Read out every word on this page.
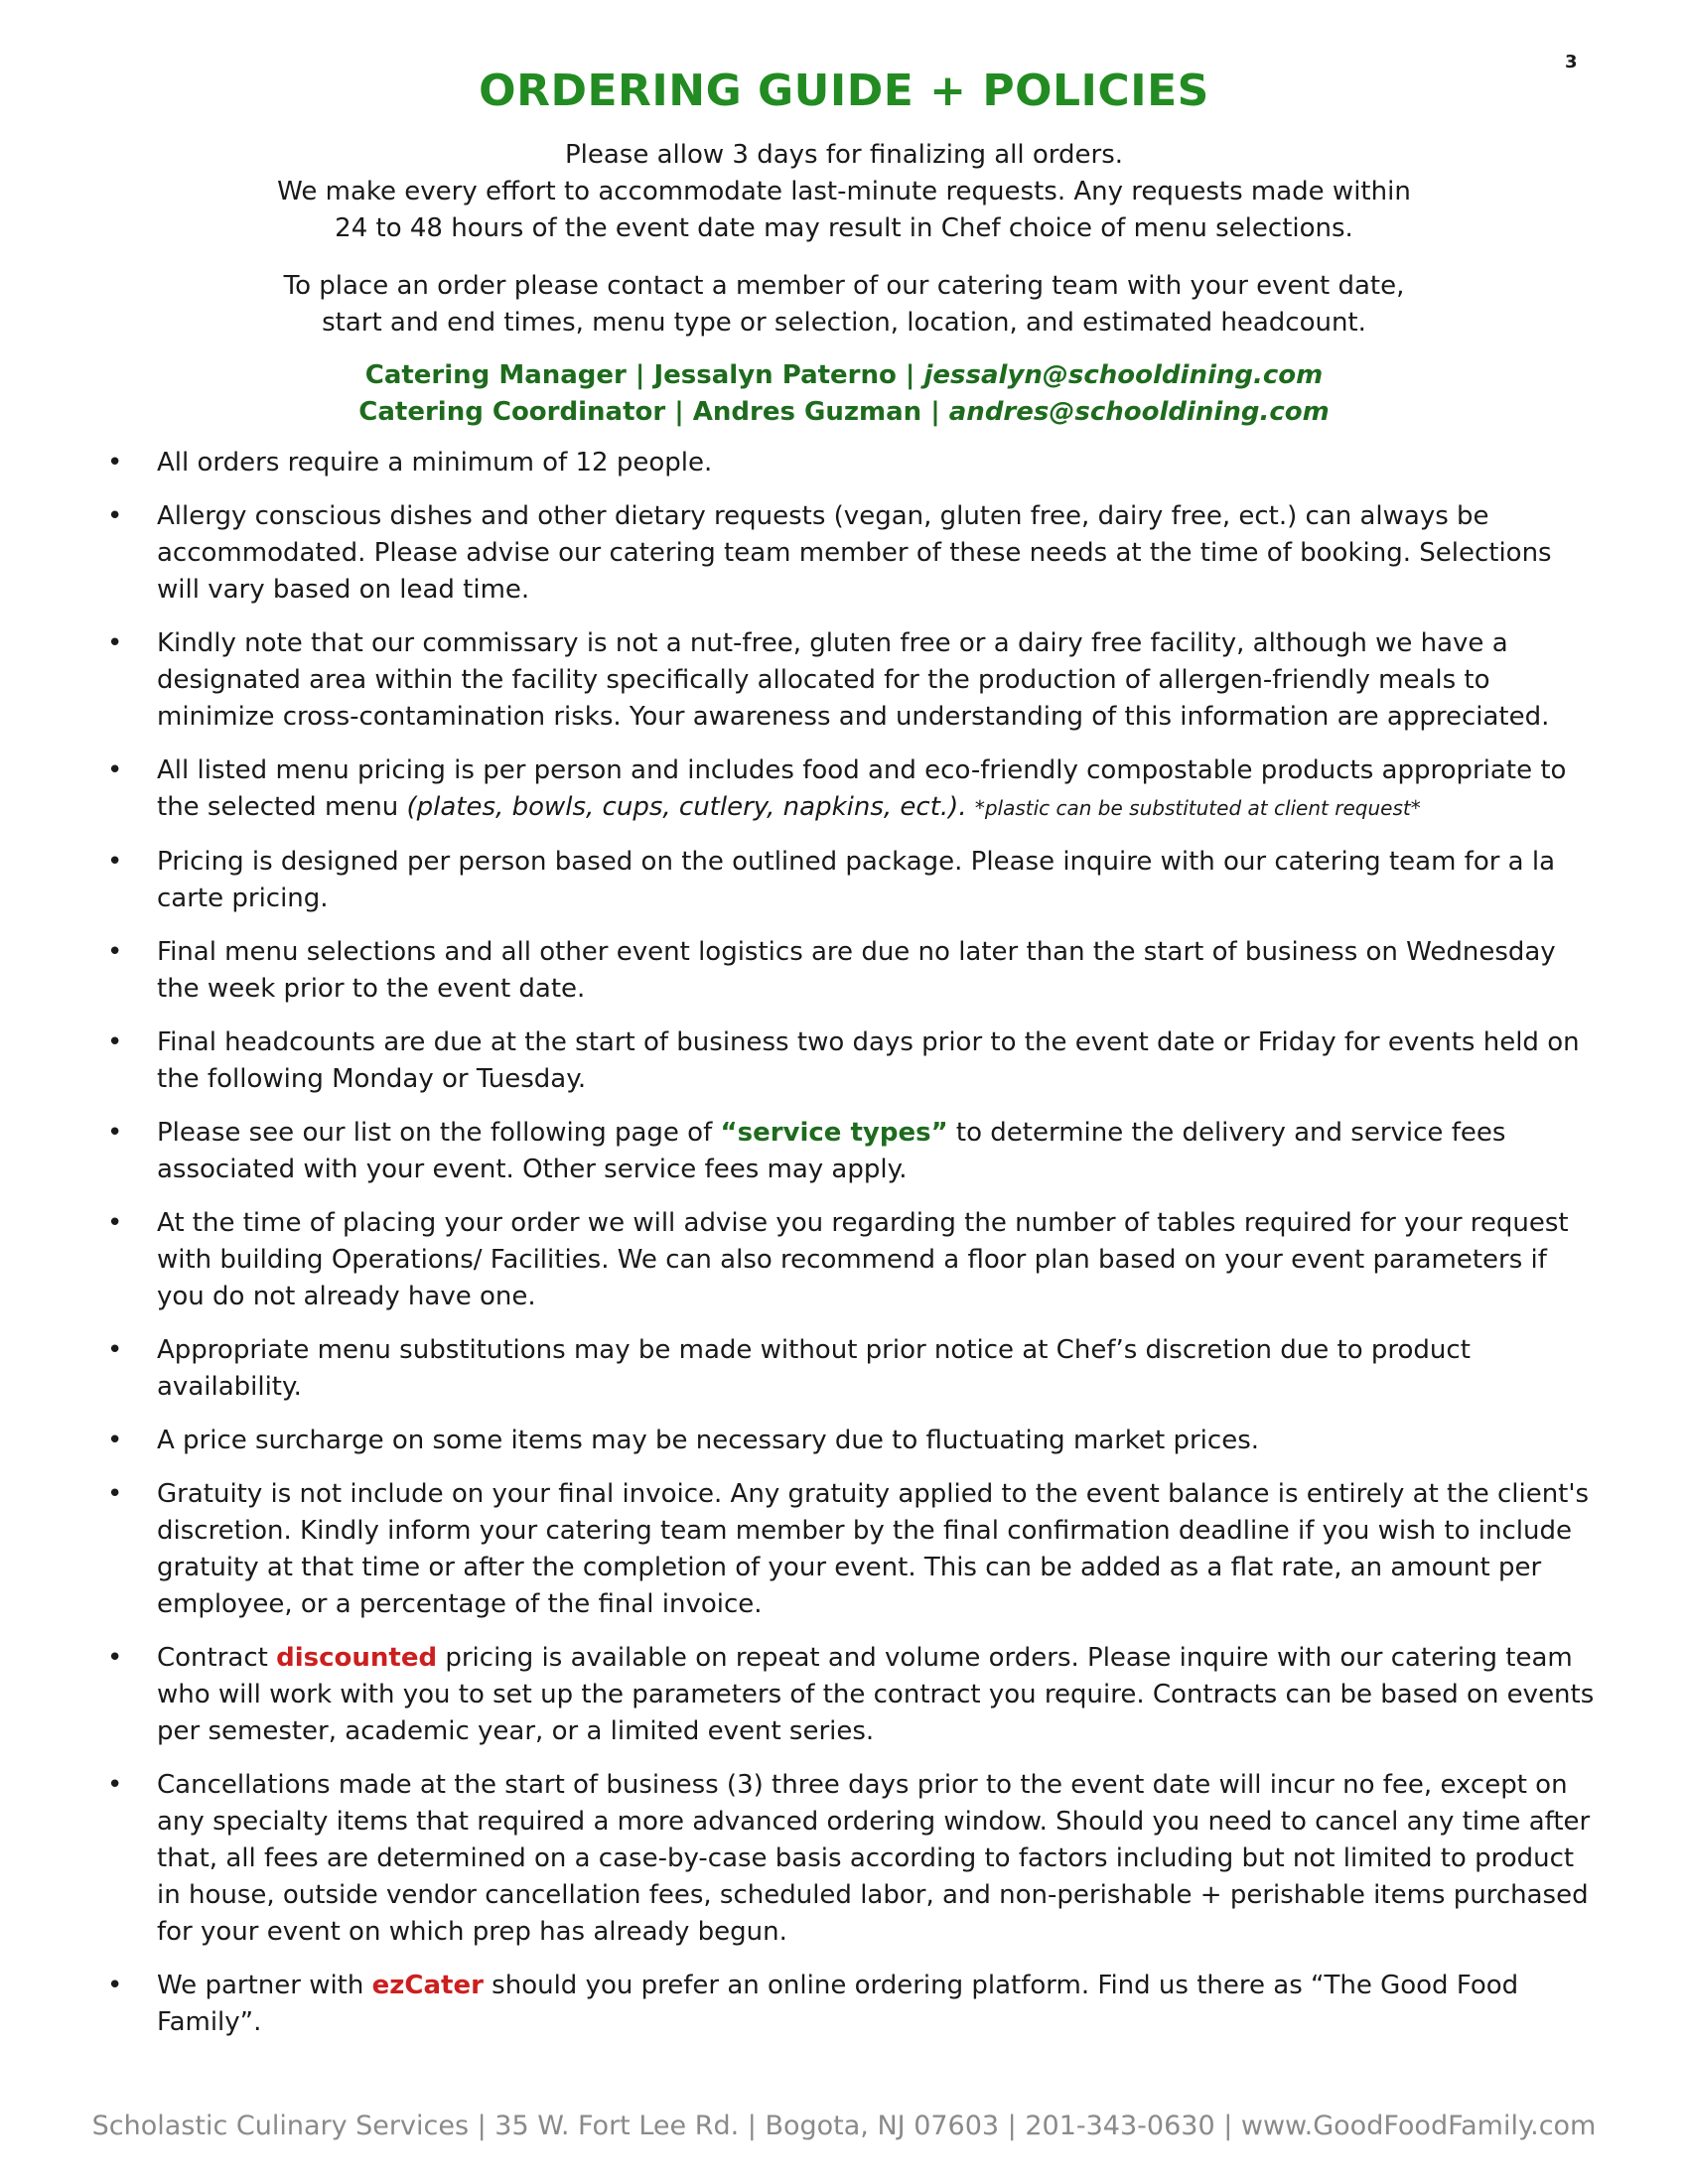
3
ORDERING GUIDE + POLICIES

Please allow 3 days for finalizing all orders.

We make every effort to accommodate last-minute requests. Any requests made within

24 to 48 hours of the event date may result in Chef choice of menu selections.

To place an order please contact a member of our catering team with your event date,

start and end times, menu type or selection, location, and estimated headcount.

Catering Manager | Jessalyn Paterno | jessalyn@schooldining.com
Catering Coordinator | Andres Guzman | andres@schooldining.com
• All orders require a minimum of 12 people.
• Allergy conscious dishes and other dietary requests (vegan, gluten free, dairy free, ect.) can always be accommodated. Please advise our catering team member of these needs at the time of booking. Selections will vary based on lead time.
• Kindly note that our commissary is not a nut-free, gluten free or a dairy free facility, although we have a designated area within the facility specifically allocated for the production of allergen-friendly meals to minimize cross-contamination risks. Your awareness and understanding of this information are appreciated.
• All listed menu pricing is per person and includes food and eco-friendly compostable products appropriate to the selected menu (plates, bowls, cups, cutlery, napkins, ect.). *plastic can be substituted at client request*
• Pricing is designed per person based on the outlined package. Please inquire with our catering team for a la carte pricing.
• Final menu selections and all other event logistics are due no later than the start of business on Wednesday the week prior to the event date.
• Final headcounts are due at the start of business two days prior to the event date or Friday for events held on the following Monday or Tuesday.
• Please see our list on the following page of “service types” to determine the delivery and service fees associated with your event. Other service fees may apply.
• At the time of placing your order we will advise you regarding the number of tables required for your request with building Operations/ Facilities. We can also recommend a floor plan based on your event parameters if you do not already have one.
• Appropriate menu substitutions may be made without prior notice at Chef’s discretion due to product availability.
• A price surcharge on some items may be necessary due to fluctuating market prices.
• Gratuity is not include on your final invoice. Any gratuity applied to the event balance is entirely at the client's discretion. Kindly inform your catering team member by the final confirmation deadline if you wish to include gratuity at that time or after the completion of your event. This can be added as a flat rate, an amount per employee, or a percentage of the final invoice.
• Contract discounted pricing is available on repeat and volume orders. Please inquire with our catering team who will work with you to set up the parameters of the contract you require. Contracts can be based on events per semester, academic year, or a limited event series.
• Cancellations made at the start of business (3) three days prior to the event date will incur no fee, except on any specialty items that required a more advanced ordering window. Should you need to cancel any time after that, all fees are determined on a case-by-case basis according to factors including but not limited to product in house, outside vendor cancellation fees, scheduled labor, and non-perishable + perishable items purchased for your event on which prep has already begun.
• We partner with ezCater should you prefer an online ordering platform. Find us there as “The Good Food Family”.
Scholastic Culinary Services | 35 W. Fort Lee Rd. | Bogota, NJ 07603 | 201-343-0630 | www.GoodFoodFamily.com
